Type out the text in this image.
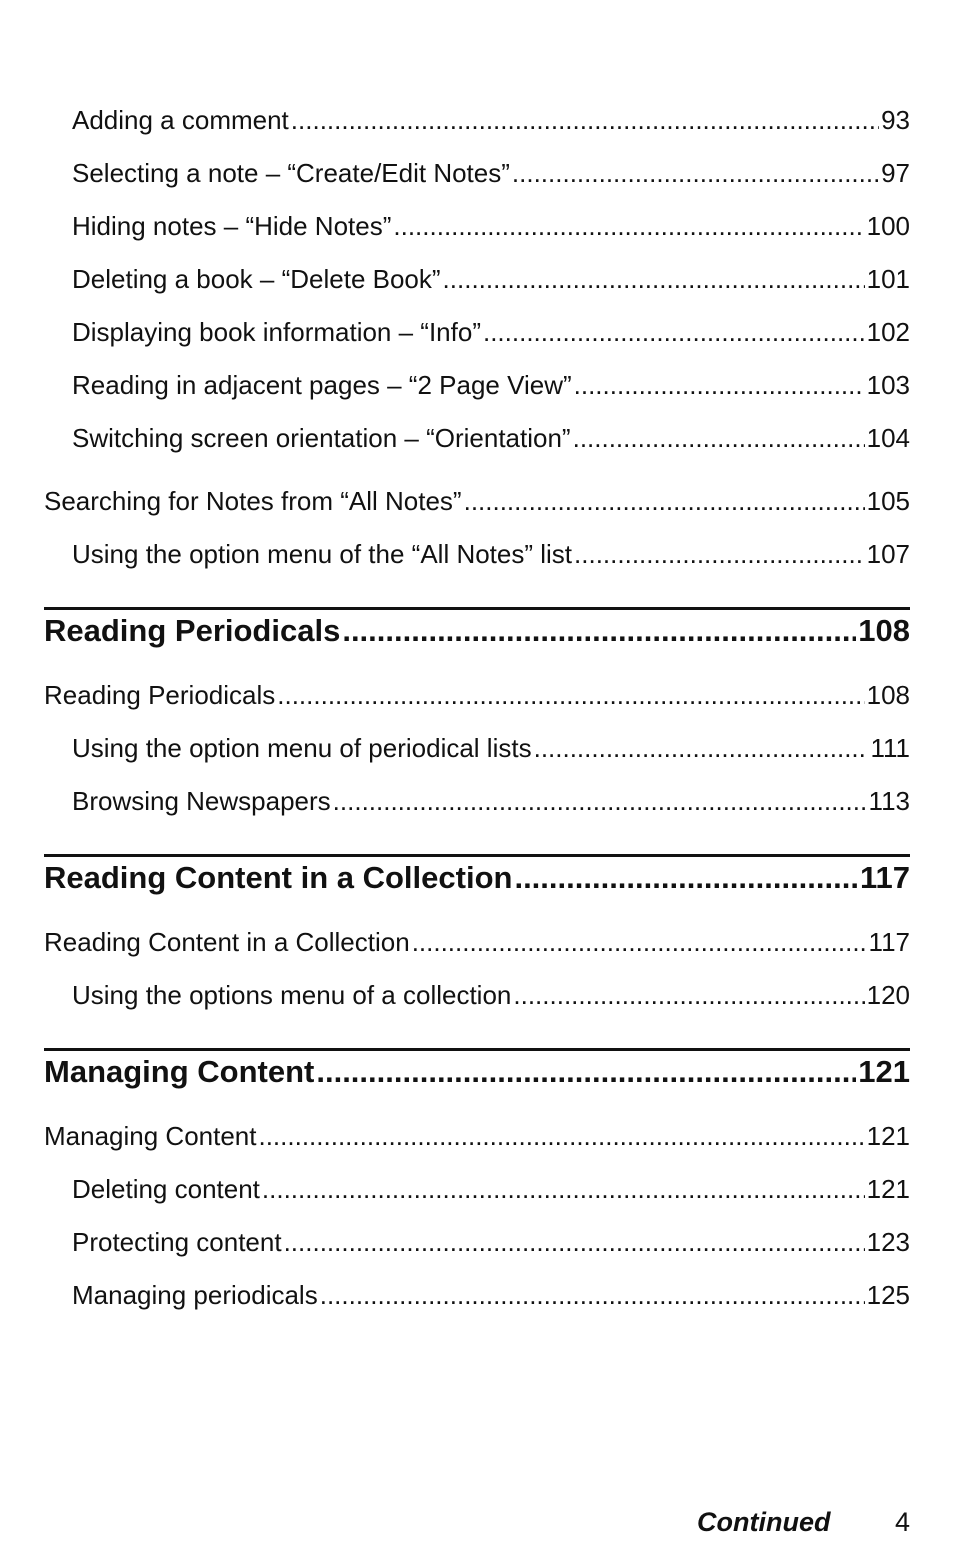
Adding a comment .....	93
Selecting a note – “Create/Edit Notes” .....	97
Hiding notes – “Hide Notes” .....	100
Deleting a book – “Delete Book” .....	101
Displaying book information – “Info” .....	102
Reading in adjacent pages – “2 Page View” .....	103
Switching screen orientation – “Orientation” .....	104
Searching for Notes from “All Notes” .....	105
Using the option menu of the “All Notes” list .....	107
Reading Periodicals .....	108
Reading Periodicals .....	108
Using the option menu of periodical lists .....	111
Browsing Newspapers .....	113
Reading Content in a Collection .....	117
Reading Content in a Collection .....	117
Using the options menu of a collection .....	120
Managing Content .....	121
Managing Content .....	121
Deleting content .....	121
Protecting content .....	123
Managing periodicals .....	125
Continued 4
